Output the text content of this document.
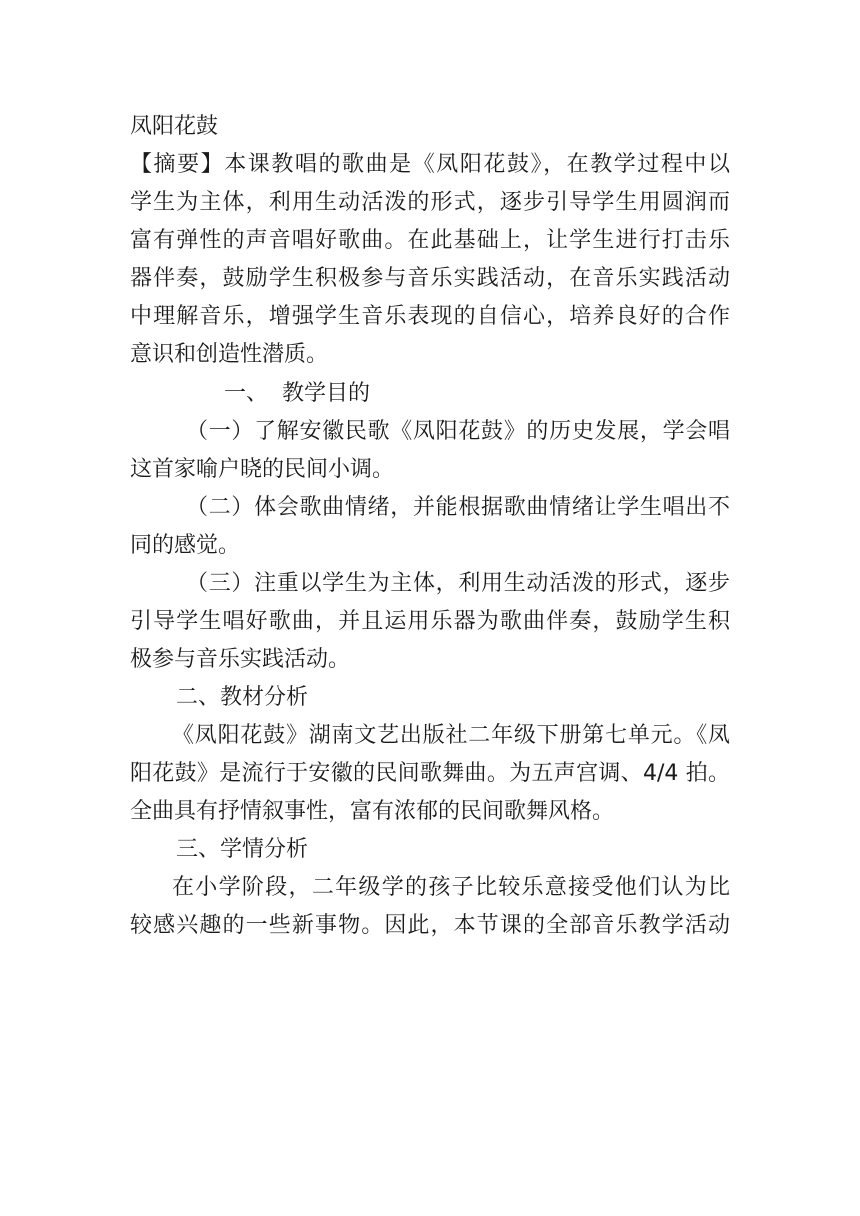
凤阳花鼓
【摘要】本课教唱的歌曲是《凤阳花鼓》，在教学过程中以
学生为主体，利用生动活泼的形式，逐步引导学生用圆润而
富有弹性的声音唱好歌曲。在此基础上，让学生进行打击乐
器伴奏，鼓励学生积极参与音乐实践活动，在音乐实践活动
中理解音乐，增强学生音乐表现的自信心，培养良好的合作
意识和创造性潜质。
一、 教学目的
（一）了解安徽民歌《凤阳花鼓》的历史发展，学会唱
这首家喻户晓的民间小调。
（二）体会歌曲情绪，并能根据歌曲情绪让学生唱出不
同的感觉。
（三）注重以学生为主体，利用生动活泼的形式，逐步
引导学生唱好歌曲，并且运用乐器为歌曲伴奏，鼓励学生积
极参与音乐实践活动。
二、教材分析
《凤阳花鼓》湖南文艺出版社二年级下册第七单元。《凤
阳花鼓》是流行于安徽的民间歌舞曲。为五声宫调、4/4 拍。
全曲具有抒情叙事性，富有浓郁的民间歌舞风格。
三、学情分析
在小学阶段，二年级学的孩子比较乐意接受他们认为比
较感兴趣的一些新事物。因此，本节课的全部音乐教学活动
